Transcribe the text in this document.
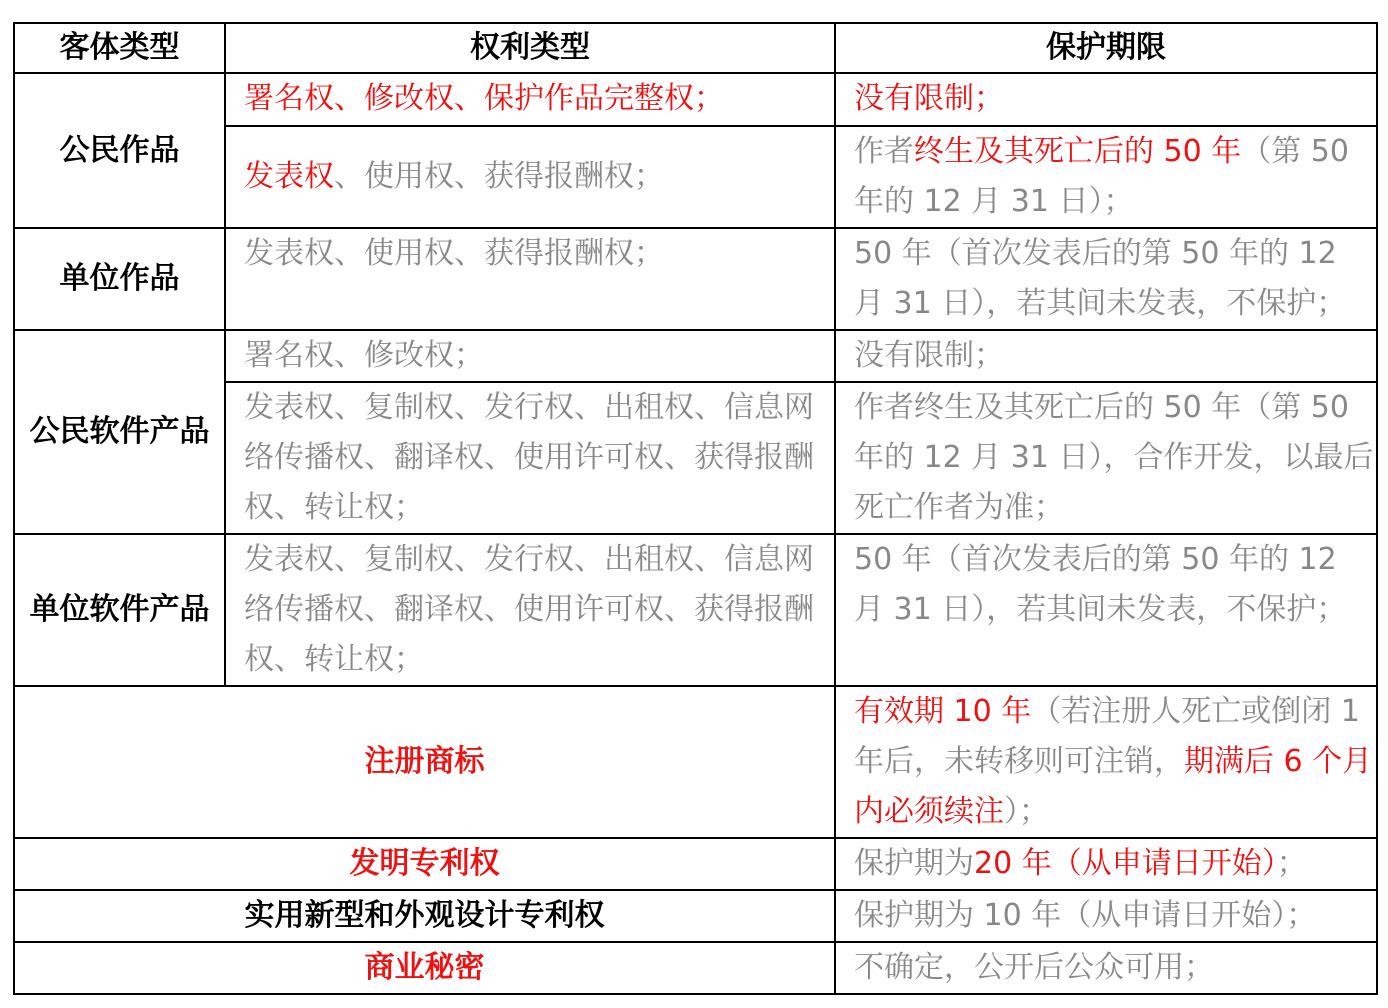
客体类型	权利类型	保护期限
公民作品	署名权、修改权、保护作品完整权；	没有限制；
	发表权、使用权、获得报酬权；	作者终生及其死亡后的 50 年（第 50 年的 12 月 31 日）；
单位作品	发表权、使用权、获得报酬权；	50 年（首次发表后的第 50 年的 12 月 31 日），若其间未发表，不保护；
公民软件产品	署名权、修改权；	没有限制；
	发表权、复制权、发行权、出租权、信息网络传播权、翻译权、使用许可权、获得报酬权、转让权；	作者终生及其死亡后的 50 年（第 50 年的 12 月 31 日），合作开发，以最后死亡作者为准；
单位软件产品	发表权、复制权、发行权、出租权、信息网络传播权、翻译权、使用许可权、获得报酬权、转让权；	50 年（首次发表后的第 50 年的 12 月 31 日），若其间未发表，不保护；
注册商标		有效期 10 年（若注册人死亡或倒闭 1 年后，未转移则可注销，期满后 6 个月内必须续注）；
发明专利权		保护期为20 年（从申请日开始）；
实用新型和外观设计专利权		保护期为 10 年（从申请日开始）；
商业秘密		不确定，公开后公众可用；
